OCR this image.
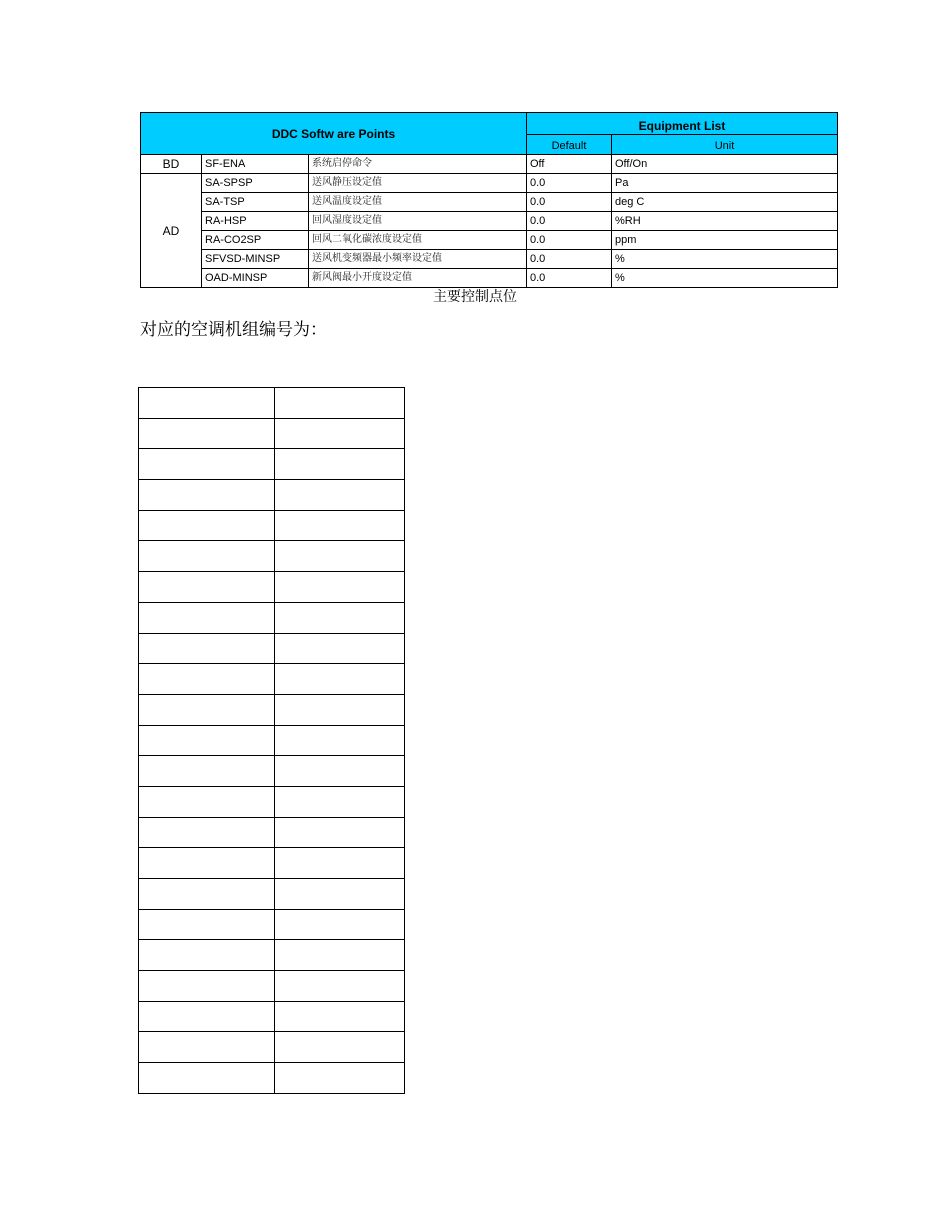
DDC Softw are Points			Equipment List	
			Default	Unit
BD	SF-ENA	系统启停命令	Off	Off/On
AD	SA-SPSP	送风静压设定值	0.0	Pa
	SA-TSP	送风温度设定值	0.0	deg C
	RA-HSP	回风湿度设定值	0.0	%RH
	RA-CO2SP	回风二氧化碳浓度设定值	0.0	ppm
	SFVSD-MINSP	送风机变频器最小频率设定值	0.0	%
	OAD-MINSP	新风阀最小开度设定值	0.0	%
主要控制点位
对应的空调机组编号为：
